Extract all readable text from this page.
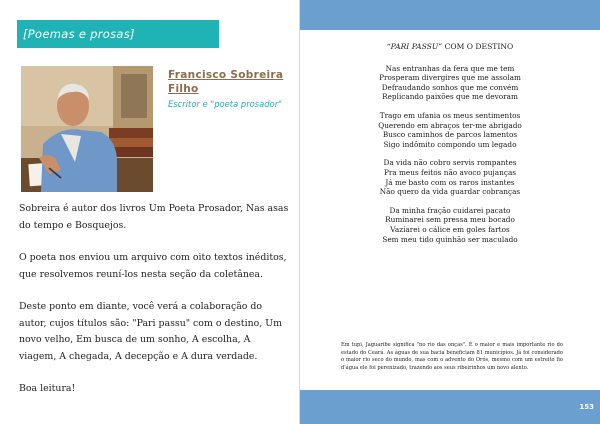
[Poemas e prosas]
Francisco Sobreira Filho
Escritor e "poeta prosador"

Sobreira é autor dos livros Um Poeta Prosador, Nas asas do tempo e Bosquejos.

O poeta nos enviou um arquivo com oito textos inéditos, que resolvemos reuní-los nesta seção da coletânea.

Deste ponto em diante, você verá a colaboração do autor, cujos títulos são: "Pari passu" com o destino, Um novo velho, Em busca de um sonho, A escolha, A viagem, A chegada, A decepção e A dura verdade.

Boa leitura!

“PARI PASSU” COM O DESTINO
Nas entranhas da fera que me tem
Prosperam divergires que me assolam
Defraudando sonhos que me convém
Replicando paixões que me devoram
Trago em ufania os meus sentimentos
Querendo em abraços ter-me abrigado
Busco caminhos de parcos lamentos
Sigo indômito compondo um legado
Da vida não cobro servis rompantes
Pra meus feitos não avoco pujanças
Já me basto com os raros instantes
Não quero da vida guardar cobranças
Da minha fração cuidarei pacato
Ruminarei sem pressa meu bocado
Vazíarei o cálice em goles fartos
Sem meu tido quinhão ser maculado
Em tupi, Jaguaribe significa "no rio das onças". É o maior e mais importante rio do estado do Ceará. As águas de sua bacia beneficiam 81 municípios. Já foi considerado o maior rio seco do mundo, mas com o advento do Orós, mesmo com um estreito fio d'água ele foi perenizado, trazendo aos seus ribeirinhos um novo alento.
153
